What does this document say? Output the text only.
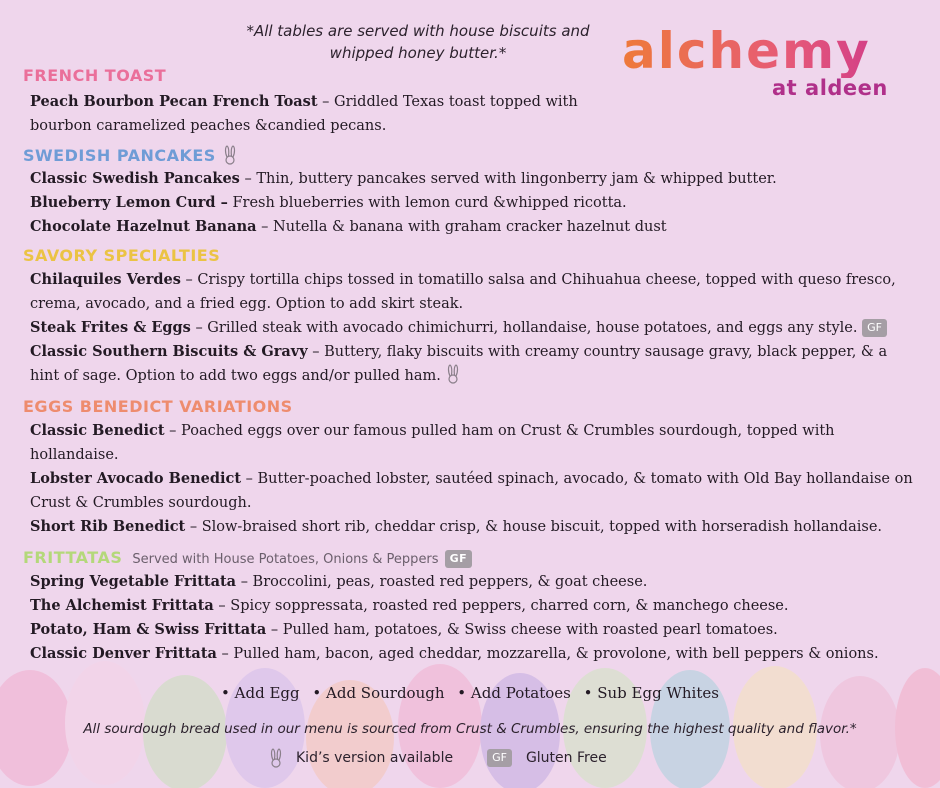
*All tables are served with house biscuits and whipped honey butter.*	alchemy
at aldeen
FRENCH TOAST

Peach Bourbon Pecan French Toast – Griddled Texas toast topped with bourbon caramelized peaches &candied pecans.

SWEDISH PANCAKES

Classic Swedish Pancakes – Thin, buttery pancakes served with lingonberry jam & whipped butter.

Blueberry Lemon Curd – Fresh blueberries with lemon curd &whipped ricotta.

Chocolate Hazelnut Banana – Nutella & banana with graham cracker hazelnut dust

SAVORY SPECIALTIES

Chilaquiles Verdes – Crispy tortilla chips tossed in tomatillo salsa and Chihuahua cheese, topped with queso fresco, crema, avocado, and a fried egg. Option to add skirt steak.

Steak Frites & Eggs – Grilled steak with avocado chimichurri, hollandaise, house potatoes, and eggs any style. GF

Classic Southern Biscuits & Gravy – Buttery, flaky biscuits with creamy country sausage gravy, black pepper, & a hint of sage. Option to add two eggs and/or pulled ham.

EGGS BENEDICT VARIATIONS

Classic Benedict – Poached eggs over our famous pulled ham on Crust & Crumbles sourdough, topped with hollandaise.

Lobster Avocado Benedict – Butter-poached lobster, sautéed spinach, avocado, & tomato with Old Bay hollandaise on Crust & Crumbles sourdough.

Short Rib Benedict – Slow-braised short rib, cheddar crisp, & house biscuit, topped with horseradish hollandaise.

FRITTATAS Served with House Potatoes, Onions & Peppers GF

Spring Vegetable Frittata – Broccolini, peas, roasted red peppers, & goat cheese.

The Alchemist Frittata – Spicy soppressata, roasted red peppers, charred corn, & manchego cheese.

Potato, Ham & Swiss Frittata – Pulled ham, potatoes, & Swiss cheese with roasted pearl tomatoes.

Classic Denver Frittata – Pulled ham, bacon, aged cheddar, mozzarella, & provolone, with bell peppers & onions.

• Add Egg • Add Sourdough • Add Potatoes • Sub Egg Whites
All sourdough bread used in our menu is sourced from Crust & Crumbles, ensuring the highest quality and flavor.*
Kid’s version available	GF	Gluten Free
